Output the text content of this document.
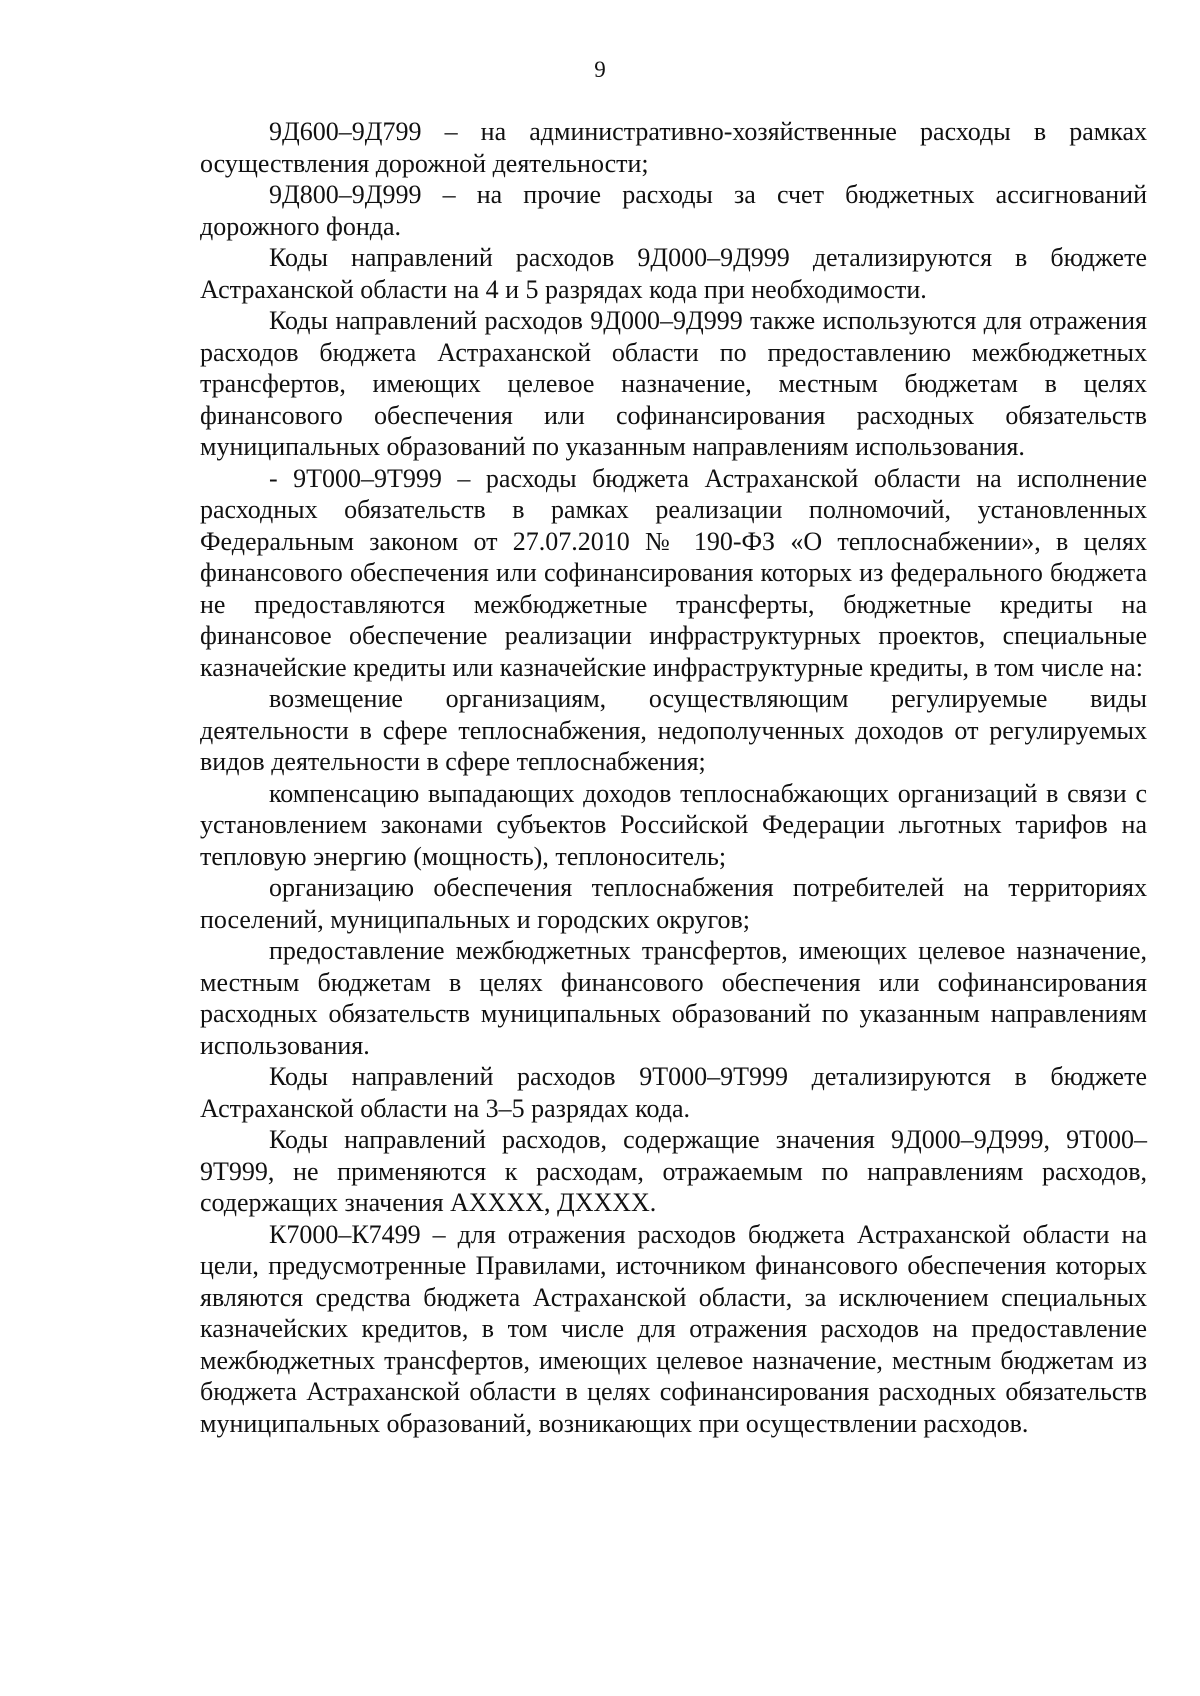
9

9Д600–9Д799 – на административно-хозяйственные расходы в рамках осуществления дорожной деятельности;

9Д800–9Д999 – на прочие расходы за счет бюджетных ассигнований дорожного фонда.

Коды направлений расходов 9Д000–9Д999 детализируются в бюджете Астраханской области на 4 и 5 разрядах кода при необходимости.

Коды направлений расходов 9Д000–9Д999 также используются для отражения расходов бюджета Астраханской области по предоставлению межбюджетных трансфертов, имеющих целевое назначение, местным бюджетам в целях финансового обеспечения или софинансирования расходных обязательств муниципальных образований по указанным направлениям использования.

- 9Т000–9Т999 – расходы бюджета Астраханской области на исполнение расходных обязательств в рамках реализации полномочий, установленных Федеральным законом от 27.07.2010 № 190-ФЗ «О теплоснабжении», в целях финансового обеспечения или софинансирования которых из федерального бюджета не предоставляются межбюджетные трансферты, бюджетные кредиты на финансовое обеспечение реализации инфраструктурных проектов, специальные казначейские кредиты или казначейские инфраструктурные кредиты, в том числе на:

возмещение организациям, осуществляющим регулируемые виды деятельности в сфере теплоснабжения, недополученных доходов от регулируемых видов деятельности в сфере теплоснабжения;

компенсацию выпадающих доходов теплоснабжающих организаций в связи с установлением законами субъектов Российской Федерации льготных тарифов на тепловую энергию (мощность), теплоноситель;

организацию обеспечения теплоснабжения потребителей на территориях поселений, муниципальных и городских округов;

предоставление межбюджетных трансфертов, имеющих целевое назначение, местным бюджетам в целях финансового обеспечения или софинансирования расходных обязательств муниципальных образований по указанным направлениям использования.

Коды направлений расходов 9Т000–9Т999 детализируются в бюджете Астраханской области на 3–5 разрядах кода.

Коды направлений расходов, содержащие значения 9Д000–9Д999, 9Т000–9Т999, не применяются к расходам, отражаемым по направлениям расходов, содержащих значения АХХХХ, ДХХХХ.

К7000–К7499 – для отражения расходов бюджета Астраханской области на цели, предусмотренные Правилами, источником финансового обеспечения которых являются средства бюджета Астраханской области, за исключением специальных казначейских кредитов, в том числе для отражения расходов на предоставление межбюджетных трансфертов, имеющих целевое назначение, местным бюджетам из бюджета Астраханской области в целях софинансирования расходных обязательств муниципальных образований, возникающих при осуществлении расходов.
